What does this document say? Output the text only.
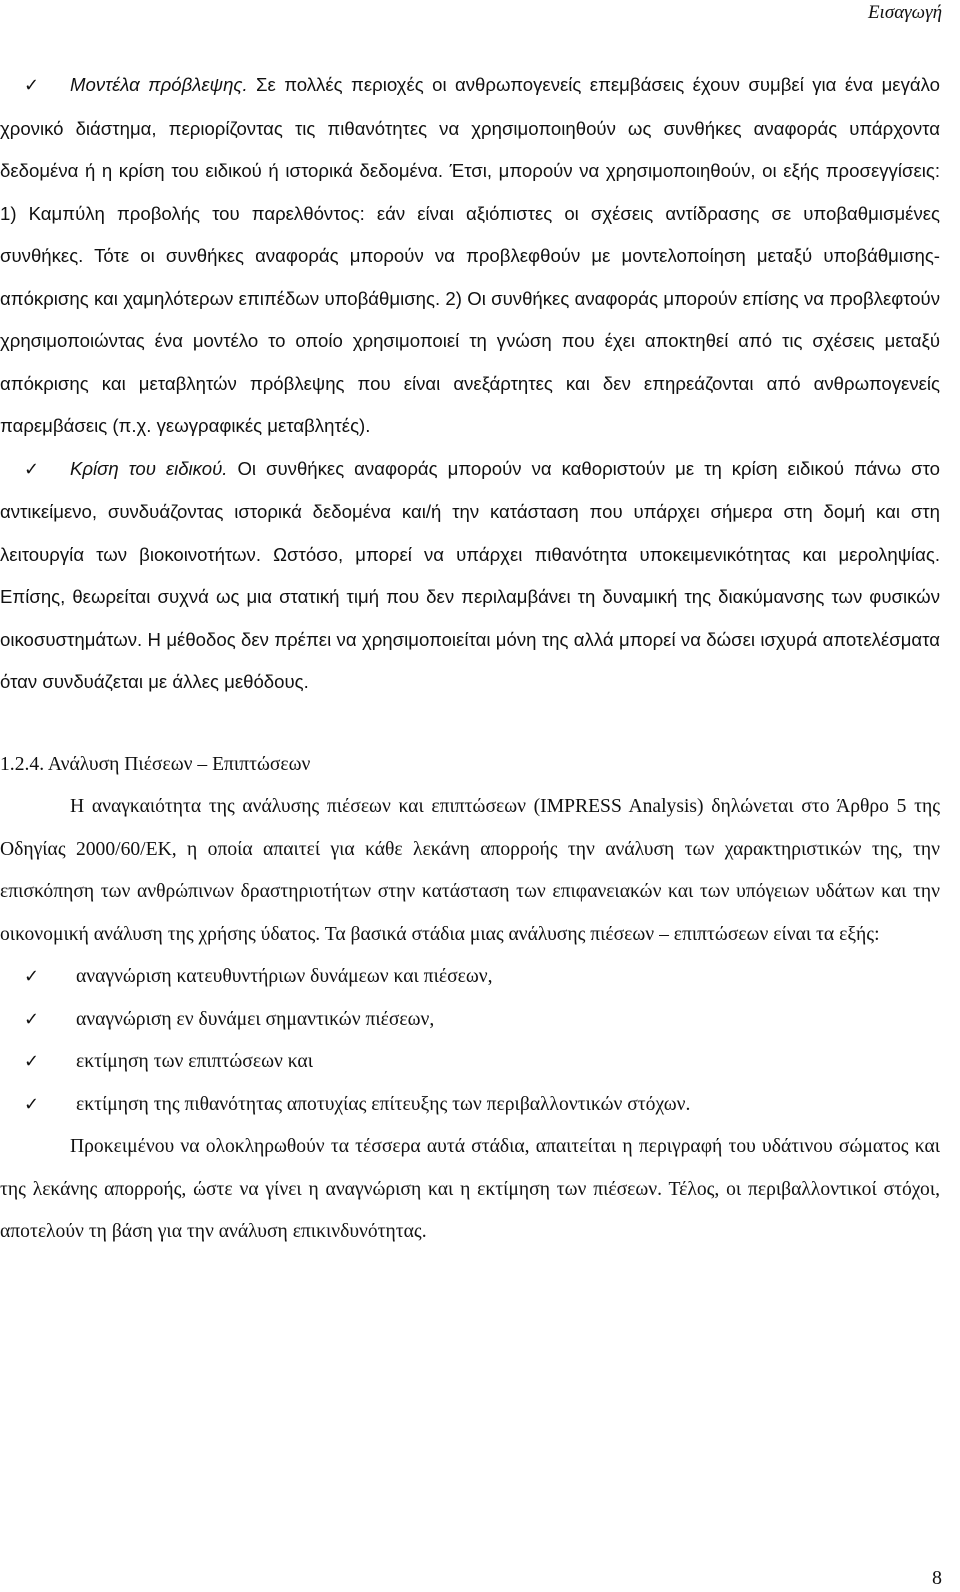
Εισαγωγή

✓ Μοντέλα πρόβλεψης. Σε πολλές περιοχές οι ανθρωπογενείς επεμβάσεις έχουν συμβεί για ένα μεγάλο χρονικό διάστημα, περιορίζοντας τις πιθανότητες να χρησιμοποιηθούν ως συνθήκες αναφοράς υπάρχοντα δεδομένα ή η κρίση του ειδικού ή ιστορικά δεδομένα. Έτσι, μπορούν να χρησιμοποιηθούν, οι εξής προσεγγίσεις: 1) Καμπύλη προβολής του παρελθόντος: εάν είναι αξιόπιστες οι σχέσεις αντίδρασης σε υποβαθμισμένες συνθήκες. Τότε οι συνθήκες αναφοράς μπορούν να προβλεφθούν με μοντελοποίηση μεταξύ υποβάθμισης-απόκρισης και χαμηλότερων επιπέδων υποβάθμισης. 2) Οι συνθήκες αναφοράς μπορούν επίσης να προβλεφτούν χρησιμοποιώντας ένα μοντέλο το οποίο χρησιμοποιεί τη γνώση που έχει αποκτηθεί από τις σχέσεις μεταξύ απόκρισης και μεταβλητών πρόβλεψης που είναι ανεξάρτητες και δεν επηρεάζονται από ανθρωπογενείς παρεμβάσεις (π.χ. γεωγραφικές μεταβλητές).

✓ Κρίση του ειδικού. Οι συνθήκες αναφοράς μπορούν να καθοριστούν με τη κρίση ειδικού πάνω στο αντικείμενο, συνδυάζοντας ιστορικά δεδομένα και/ή την κατάσταση που υπάρχει σήμερα στη δομή και στη λειτουργία των βιοκοινοτήτων. Ωστόσο, μπορεί να υπάρχει πιθανότητα υποκειμενικότητας και μεροληψίας. Επίσης, θεωρείται συχνά ως μια στατική τιμή που δεν περιλαμβάνει τη δυναμική της διακύμανσης των φυσικών οικοσυστημάτων. Η μέθοδος δεν πρέπει να χρησιμοποιείται μόνη της αλλά μπορεί να δώσει ισχυρά αποτελέσματα όταν συνδυάζεται με άλλες μεθόδους.

1.2.4. Ανάλυση Πιέσεων – Επιπτώσεων

Η αναγκαιότητα της ανάλυσης πιέσεων και επιπτώσεων (IMPRESS Analysis) δηλώνεται στο Άρθρο 5 της Οδηγίας 2000/60/ΕΚ, η οποία απαιτεί για κάθε λεκάνη απορροής την ανάλυση των χαρακτηριστικών της, την επισκόπηση των ανθρώπινων δραστηριοτήτων στην κατάσταση των επιφανειακών και των υπόγειων υδάτων και την οικονομική ανάλυση της χρήσης ύδατος. Τα βασικά στάδια μιας ανάλυσης πιέσεων – επιπτώσεων είναι τα εξής:

✓ αναγνώριση κατευθυντήριων δυνάμεων και πιέσεων,
✓ αναγνώριση εν δυνάμει σημαντικών πιέσεων,
✓ εκτίμηση των επιπτώσεων και
✓ εκτίμηση της πιθανότητας αποτυχίας επίτευξης των περιβαλλοντικών στόχων.

Προκειμένου να ολοκληρωθούν τα τέσσερα αυτά στάδια, απαιτείται η περιγραφή του υδάτινου σώματος και της λεκάνης απορροής, ώστε να γίνει η αναγνώριση και η εκτίμηση των πιέσεων. Τέλος, οι περιβαλλοντικοί στόχοι, αποτελούν τη βάση για την ανάλυση επικινδυνότητας.

8
